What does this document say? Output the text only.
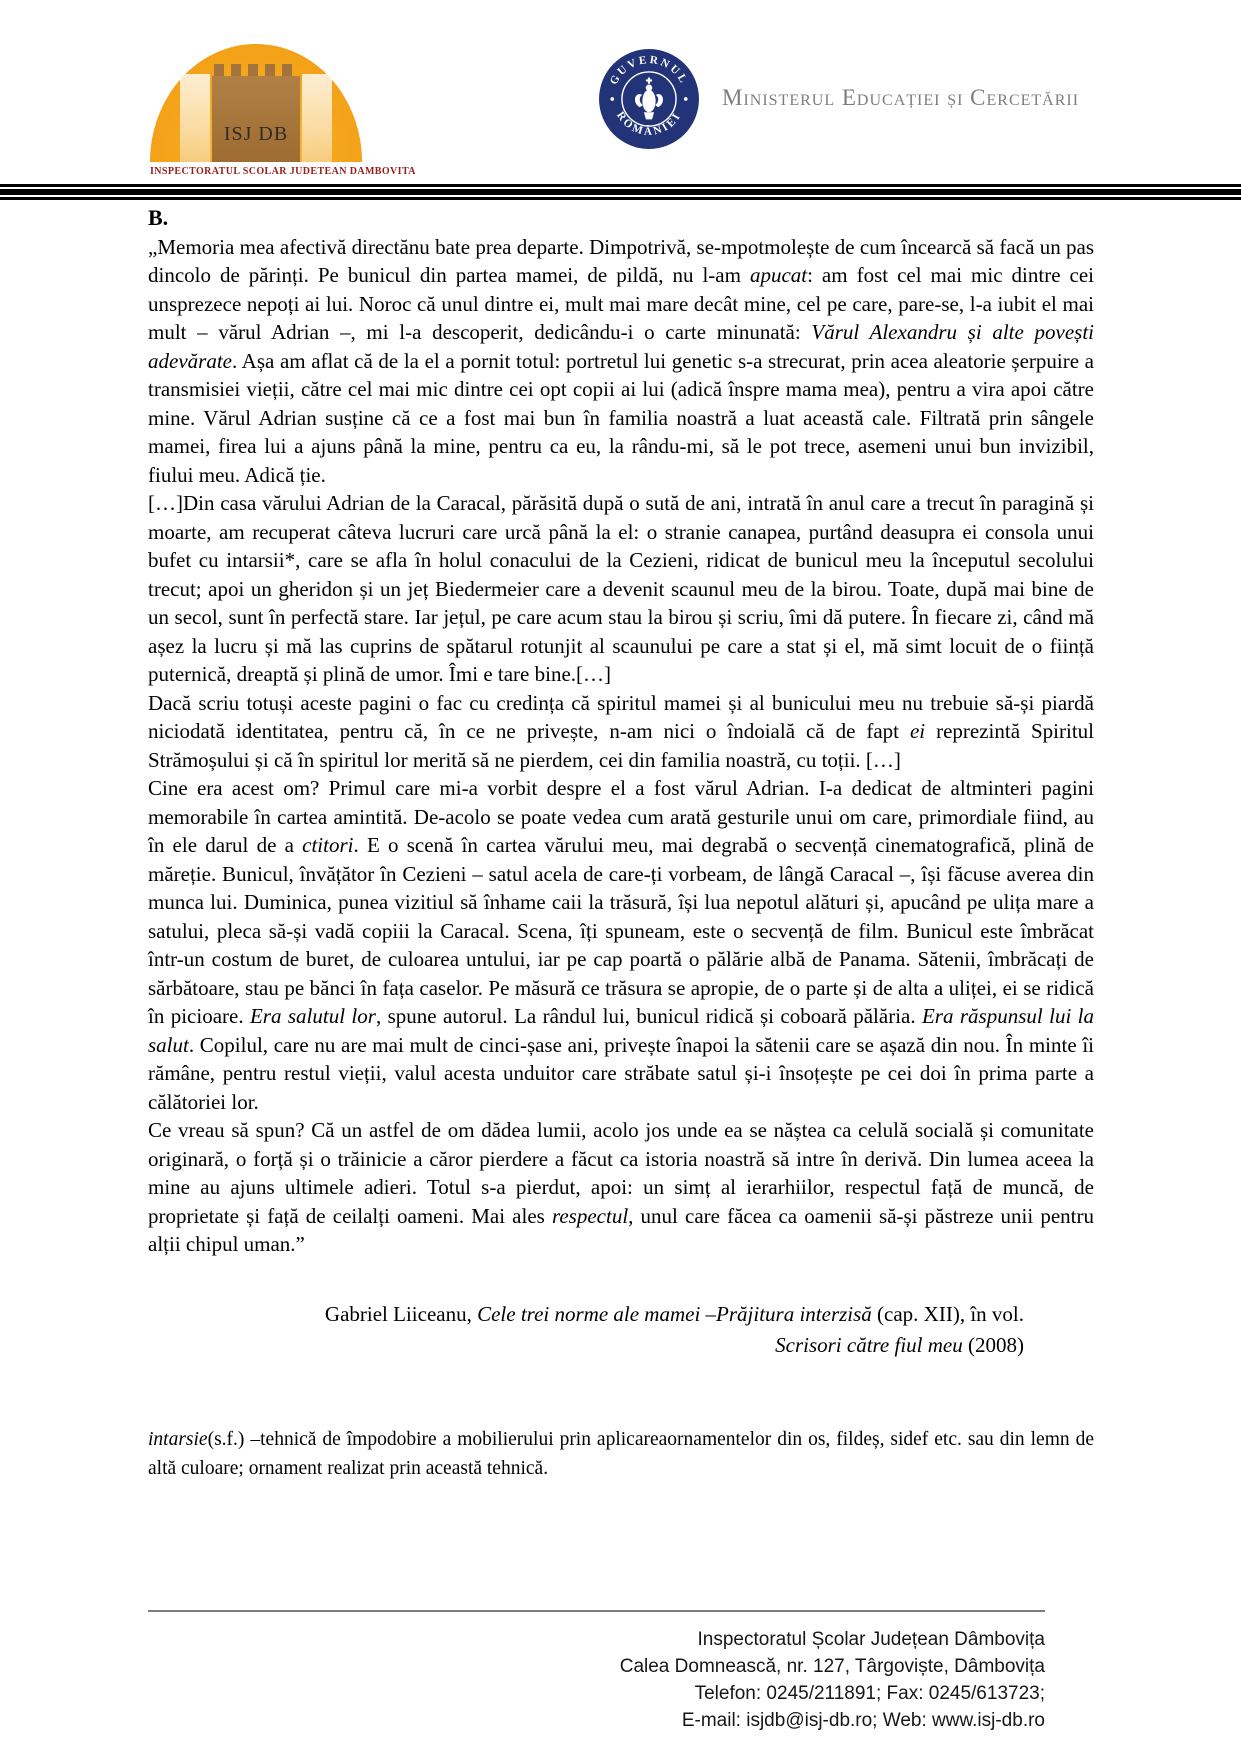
ISJ DB
INSPECTORATUL SCOLAR JUDETEAN DAMBOVITA
GUVERNUL
ROMÂNIEI
Ministerul Educației și Cercetării
B.

„Memoria mea afectivă directănu bate prea departe. Dimpotrivă, se-mpotmolește de cum încearcă să facă un pas dincolo de părinți. Pe bunicul din partea mamei, de pildă, nu l-am apucat: am fost cel mai mic dintre cei unsprezece nepoți ai lui. Noroc că unul dintre ei, mult mai mare decât mine, cel pe care, pare-se, l-a iubit el mai mult – vărul Adrian –, mi l-a descoperit, dedicându-i o carte minunată: Vărul Alexandru și alte povești adevărate. Așa am aflat că de la el a pornit totul: portretul lui genetic s-a strecurat, prin acea aleatorie șerpuire a transmisiei vieții, către cel mai mic dintre cei opt copii ai lui (adică înspre mama mea), pentru a vira apoi către mine. Vărul Adrian susține că ce a fost mai bun în familia noastră a luat această cale. Filtrată prin sângele mamei, firea lui a ajuns până la mine, pentru ca eu, la rându-mi, să le pot trece, asemeni unui bun invizibil, fiului meu. Adică ție.

[…]Din casa vărului Adrian de la Caracal, părăsită după o sută de ani, intrată în anul care a trecut în paragină și moarte, am recuperat câteva lucruri care urcă până la el: o stranie canapea, purtând deasupra ei consola unui bufet cu intarsii*, care se afla în holul conacului de la Cezieni, ridicat de bunicul meu la începutul secolului trecut; apoi un gheridon și un jeț Biedermeier care a devenit scaunul meu de la birou. Toate, după mai bine de un secol, sunt în perfectă stare. Iar jețul, pe care acum stau la birou și scriu, îmi dă putere. În fiecare zi, când mă așez la lucru și mă las cuprins de spătarul rotunjit al scaunului pe care a stat și el, mă simt locuit de o ființă puternică, dreaptă și plină de umor. Îmi e tare bine.[…]

Dacă scriu totuși aceste pagini o fac cu credința că spiritul mamei și al bunicului meu nu trebuie să-și piardă niciodată identitatea, pentru că, în ce ne privește, n-am nici o îndoială că de fapt ei reprezintă Spiritul Strămoșului și că în spiritul lor merită să ne pierdem, cei din familia noastră, cu toții. […]

Cine era acest om? Primul care mi-a vorbit despre el a fost vărul Adrian. I-a dedicat de altminteri pagini memorabile în cartea amintită. De-acolo se poate vedea cum arată gesturile unui om care, primordiale fiind, au în ele darul de a ctitori. E o scenă în cartea vărului meu, mai degrabă o secvență cinematografică, plină de măreție. Bunicul, învățător în Cezieni – satul acela de care-ți vorbeam, de lângă Caracal –, își făcuse averea din munca lui. Duminica, punea vizitiul să înhame caii la trăsură, își lua nepotul alături și, apucând pe ulița mare a satului, pleca să-și vadă copiii la Caracal. Scena, îți spuneam, este o secvență de film. Bunicul este îmbrăcat într-un costum de buret, de culoarea untului, iar pe cap poartă o pălărie albă de Panama. Sătenii, îmbrăcați de sărbătoare, stau pe bănci în fața caselor. Pe măsură ce trăsura se apropie, de o parte și de alta a uliței, ei se ridică în picioare. Era salutul lor, spune autorul. La rândul lui, bunicul ridică și coboară pălăria. Era răspunsul lui la salut. Copilul, care nu are mai mult de cinci-șase ani, privește înapoi la sătenii care se așază din nou. În minte îi rămâne, pentru restul vieții, valul acesta unduitor care străbate satul și-i însoțește pe cei doi în prima parte a călătoriei lor.

Ce vreau să spun? Că un astfel de om dădea lumii, acolo jos unde ea se năștea ca celulă socială și comunitate originară, o forță și o trăinicie a căror pierdere a făcut ca istoria noastră să intre în derivă. Din lumea aceea la mine au ajuns ultimele adieri. Totul s-a pierdut, apoi: un simț al ierarhiilor, respectul față de muncă, de proprietate și față de ceilalți oameni. Mai ales respectul, unul care făcea ca oamenii să-și păstreze unii pentru alții chipul uman.”

Gabriel Liiceanu, Cele trei norme ale mamei –Prăjitura interzisă (cap. XII), în vol.
Scrisori către fiul meu (2008)
intarsie(s.f.) –tehnică de împodobire a mobilierului prin aplicareaornamentelor din os, fildeș, sidef etc. sau din lemn de altă culoare; ornament realizat prin această tehnică.
Inspectoratul Școlar Județean Dâmbovița
Calea Domnească, nr. 127, Târgoviște, Dâmbovița
Telefon: 0245/211891; Fax: 0245/613723;
E-mail: isjdb@isj-db.ro; Web: www.isj-db.ro
